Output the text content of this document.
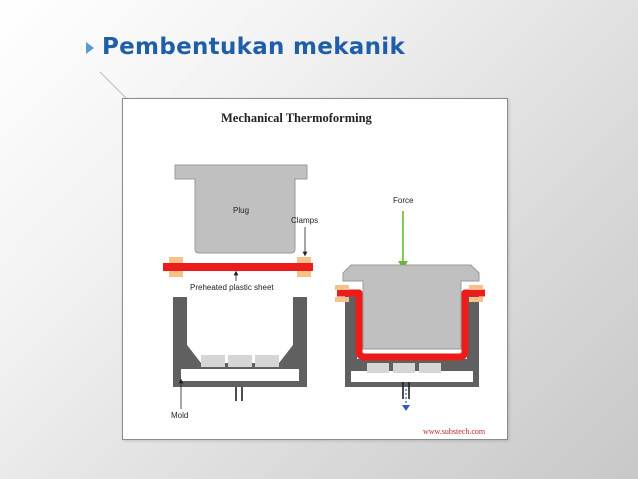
Pembentukan mekanik
Mechanical Thermoforming
Plug
Clamps
Preheated plastic sheet
Mold
Force
www.substech.com
